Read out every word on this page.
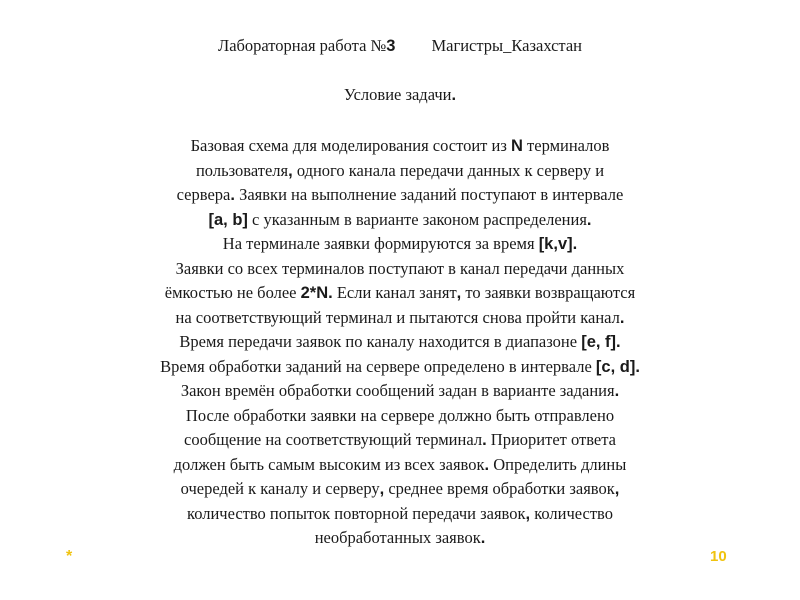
Лабораторная работа №3 Магистры_Казахстан
Условие задачи.
Базовая схема для моделирования состоит из N терминалов
пользователя, одного канала передачи данных к серверу и
сервера. Заявки на выполнение заданий поступают в интервале
[a, b] с указанным в варианте законом распределения.
На терминале заявки формируются за время [k,v].
Заявки со всех терминалов поступают в канал передачи данных
ёмкостью не более 2*N. Если канал занят, то заявки возвращаются
на соответствующий терминал и пытаются снова пройти канал.
Время передачи заявок по каналу находится в диапазоне [e, f].
Время обработки заданий на сервере определено в интервале [c, d].
Закон времён обработки сообщений задан в варианте задания.
После обработки заявки на сервере должно быть отправлено
сообщение на соответствующий терминал. Приоритет ответа
должен быть самым высоким из всех заявок. Определить длины
очередей к каналу и серверу, среднее время обработки заявок,
количество попыток повторной передачи заявок, количество
необработанных заявок.
*	10
